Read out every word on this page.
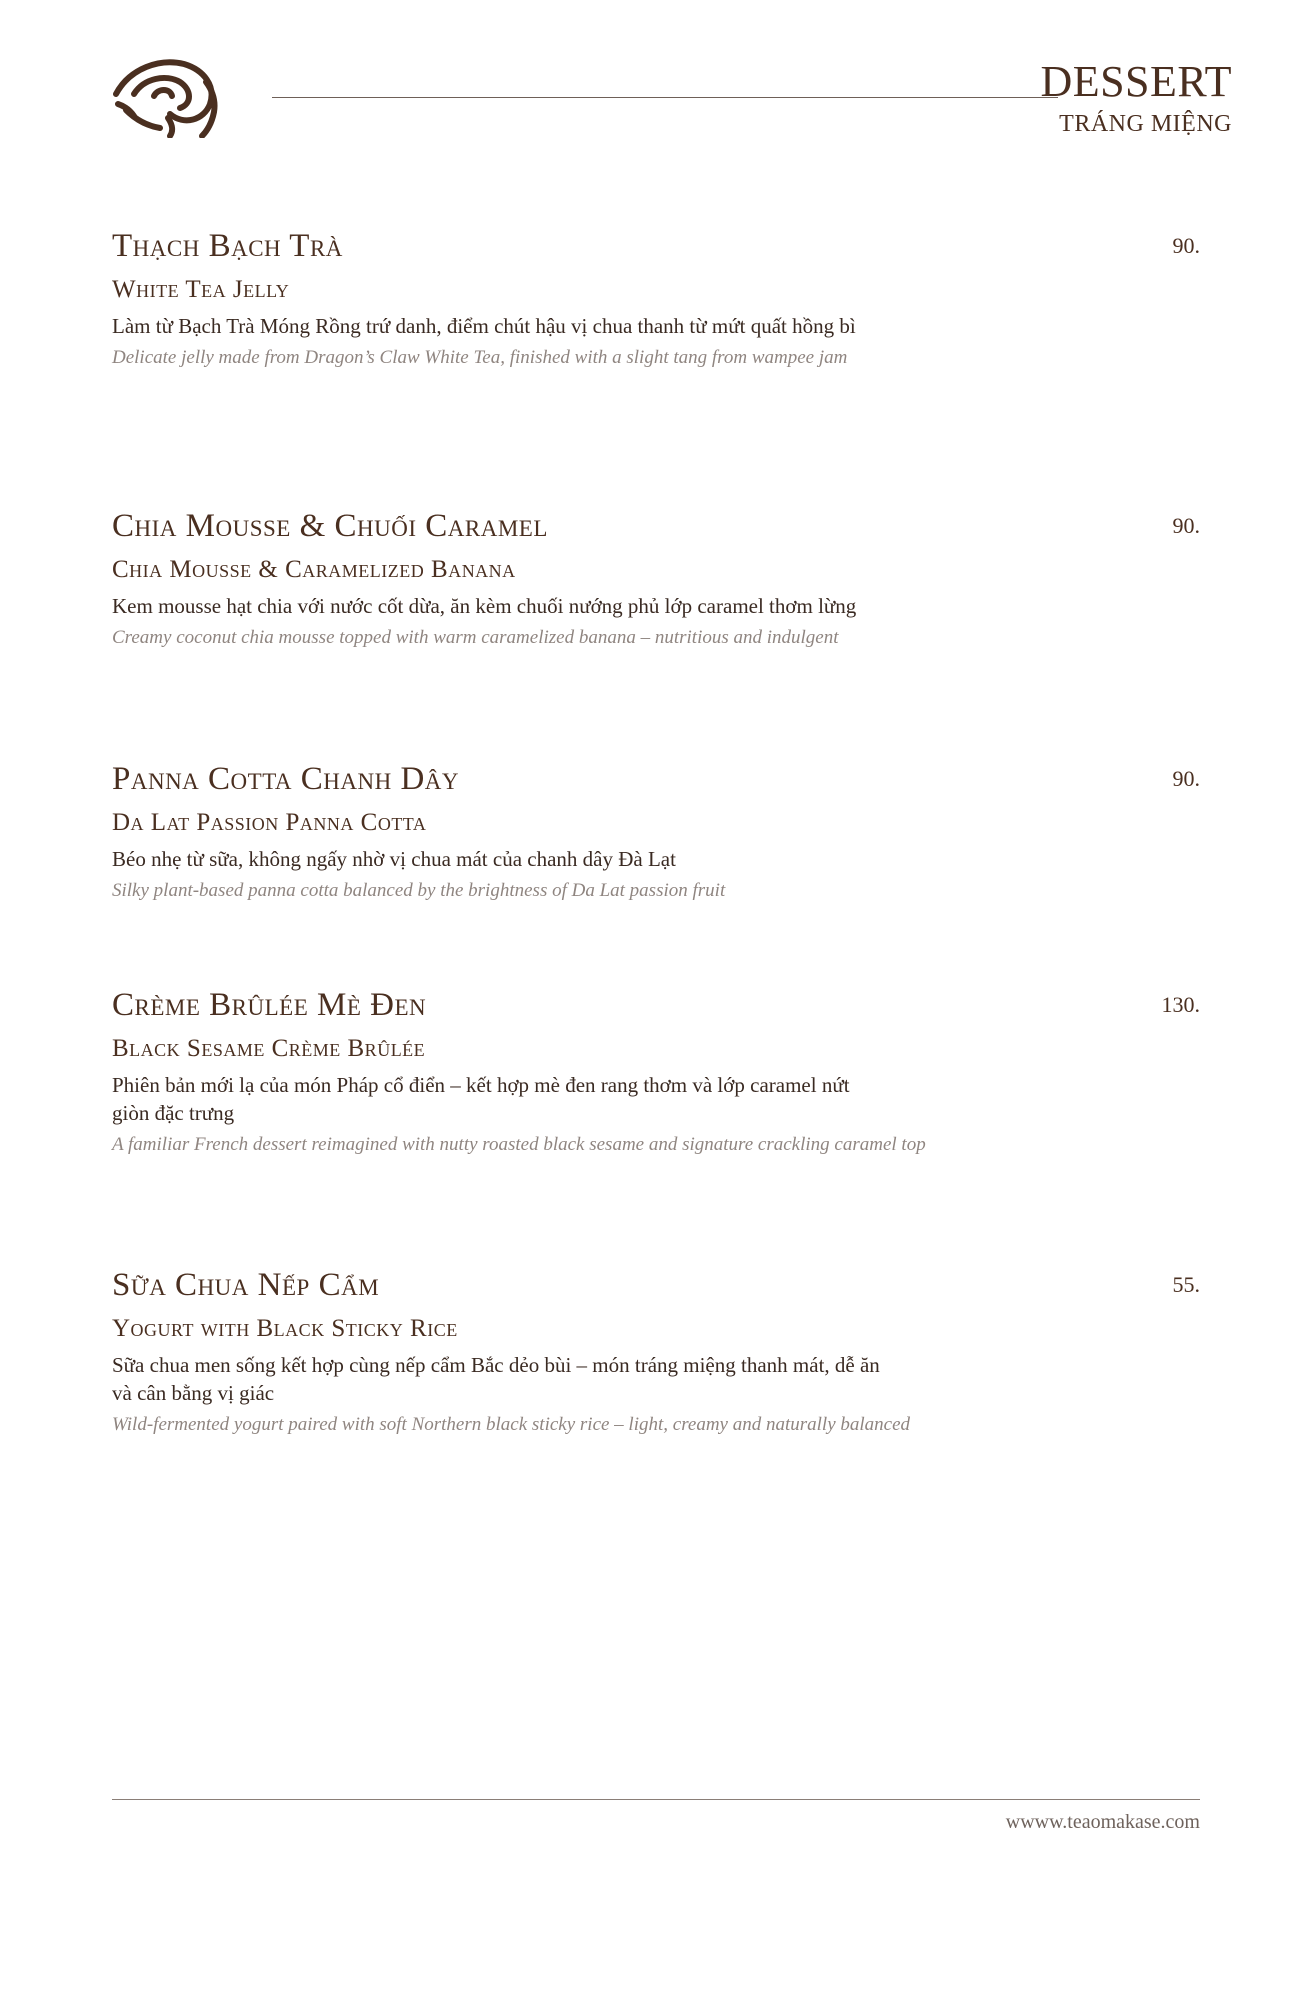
DESSERT
TRÁNG MIỆNG
Thạch Bạch Trà	90.
White Tea Jelly
Làm từ Bạch Trà Móng Rồng trứ danh, điểm chút hậu vị chua thanh từ mứt quất hồng bì
Delicate jelly made from Dragon’s Claw White Tea, finished with a slight tang from wampee jam
Chia Mousse & Chuối Caramel	90.
Chia Mousse & Caramelized Banana
Kem mousse hạt chia với nước cốt dừa, ăn kèm chuối nướng phủ lớp caramel thơm lừng
Creamy coconut chia mousse topped with warm caramelized banana – nutritious and indulgent
Panna Cotta Chanh Dây	90.
Da Lat Passion Panna Cotta
Béo nhẹ từ sữa, không ngấy nhờ vị chua mát của chanh dây Đà Lạt
Silky plant-based panna cotta balanced by the brightness of Da Lat passion fruit
Crème Brûlée Mè Đen	130.
Black Sesame Crème Brûlée
Phiên bản mới lạ của món Pháp cổ điển – kết hợp mè đen rang thơm và lớp caramel nứt giòn đặc trưng
A familiar French dessert reimagined with nutty roasted black sesame and signature crackling caramel top
Sữa Chua Nếp Cẩm	55.
Yogurt with Black Sticky Rice
Sữa chua men sống kết hợp cùng nếp cẩm Bắc dẻo bùi – món tráng miệng thanh mát, dễ ăn và cân bằng vị giác
Wild-fermented yogurt paired with soft Northern black sticky rice – light, creamy and naturally balanced
wwww.teaomakase.com
